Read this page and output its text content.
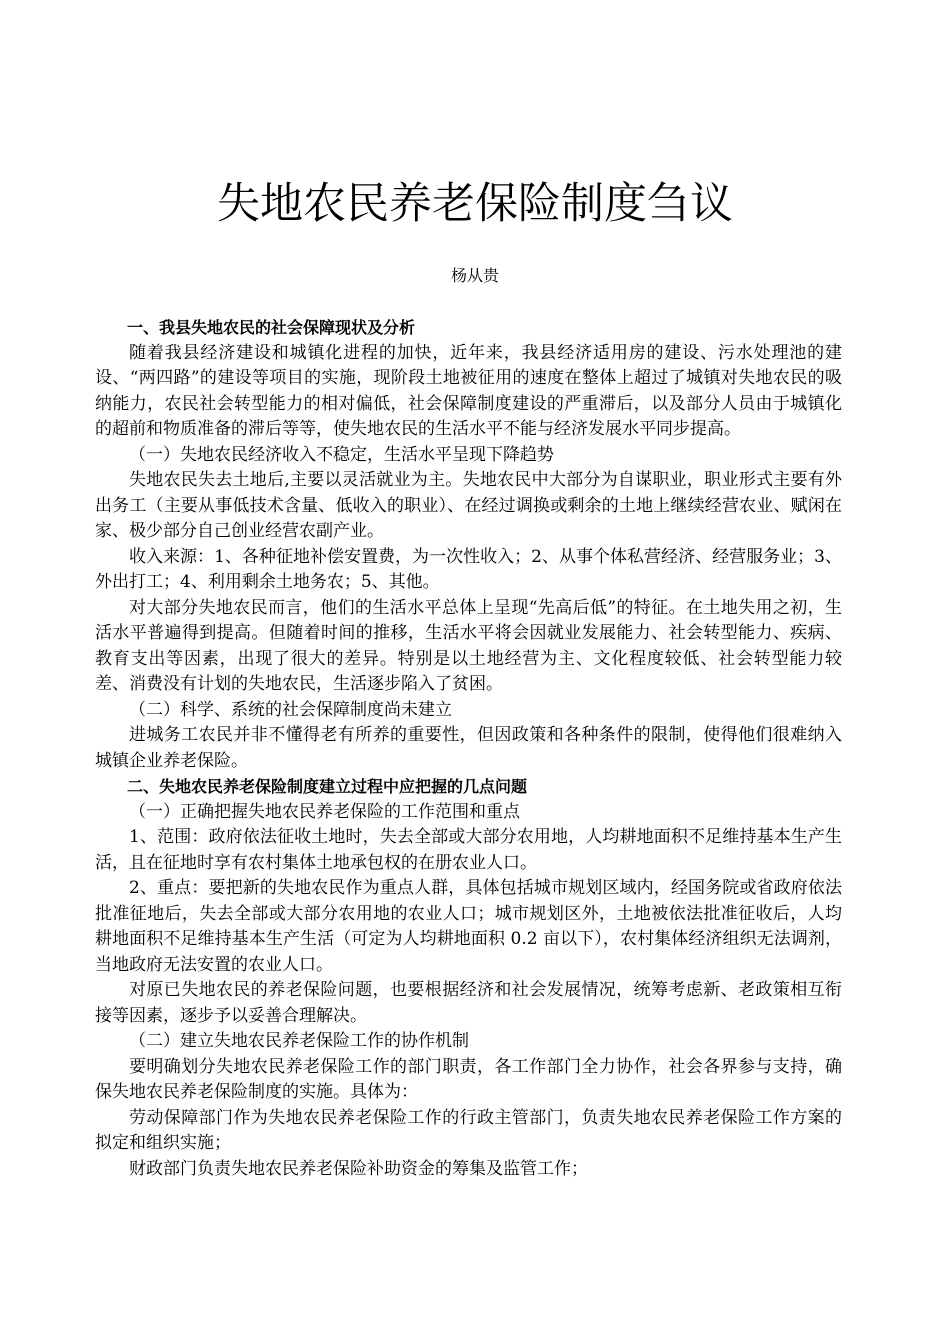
失地农民养老保险制度刍议
杨从贵

一、我县失地农民的社会保障现状及分析

随着我县经济建设和城镇化进程的加快，近年来，我县经济适用房的建设、污水处理池的建设、“两四路”的建设等项目的实施，现阶段土地被征用的速度在整体上超过了城镇对失地农民的吸纳能力，农民社会转型能力的相对偏低，社会保障制度建设的严重滞后，以及部分人员由于城镇化的超前和物质准备的滞后等等，使失地农民的生活水平不能与经济发展水平同步提高。

（一）失地农民经济收入不稳定，生活水平呈现下降趋势

失地农民失去土地后,主要以灵活就业为主。失地农民中大部分为自谋职业，职业形式主要有外出务工（主要从事低技术含量、低收入的职业）、在经过调换或剩余的土地上继续经营农业、赋闲在家、极少部分自己创业经营农副产业。

收入来源：1、各种征地补偿安置费，为一次性收入；2、从事个体私营经济、经营服务业；3、外出打工；4、利用剩余土地务农；5、其他。

对大部分失地农民而言，他们的生活水平总体上呈现“先高后低”的特征。在土地失用之初，生活水平普遍得到提高。但随着时间的推移，生活水平将会因就业发展能力、社会转型能力、疾病、教育支出等因素，出现了很大的差异。特别是以土地经营为主、文化程度较低、社会转型能力较差、消费没有计划的失地农民，生活逐步陷入了贫困。

（二）科学、系统的社会保障制度尚未建立

进城务工农民并非不懂得老有所养的重要性，但因政策和各种条件的限制，使得他们很难纳入城镇企业养老保险。

二、失地农民养老保险制度建立过程中应把握的几点问题

（一）正确把握失地农民养老保险的工作范围和重点

1、范围：政府依法征收土地时，失去全部或大部分农用地，人均耕地面积不足维持基本生产生活，且在征地时享有农村集体土地承包权的在册农业人口。

2、重点：要把新的失地农民作为重点人群，具体包括城市规划区域内，经国务院或省政府依法批准征地后，失去全部或大部分农用地的农业人口；城市规划区外，土地被依法批准征收后，人均耕地面积不足维持基本生产生活（可定为人均耕地面积 0.2 亩以下），农村集体经济组织无法调剂，当地政府无法安置的农业人口。

对原已失地农民的养老保险问题，也要根据经济和社会发展情况，统筹考虑新、老政策相互衔接等因素，逐步予以妥善合理解决。

（二）建立失地农民养老保险工作的协作机制

要明确划分失地农民养老保险工作的部门职责，各工作部门全力协作，社会各界参与支持，确保失地农民养老保险制度的实施。具体为：

劳动保障部门作为失地农民养老保险工作的行政主管部门，负责失地农民养老保险工作方案的拟定和组织实施；

财政部门负责失地农民养老保险补助资金的筹集及监管工作；
